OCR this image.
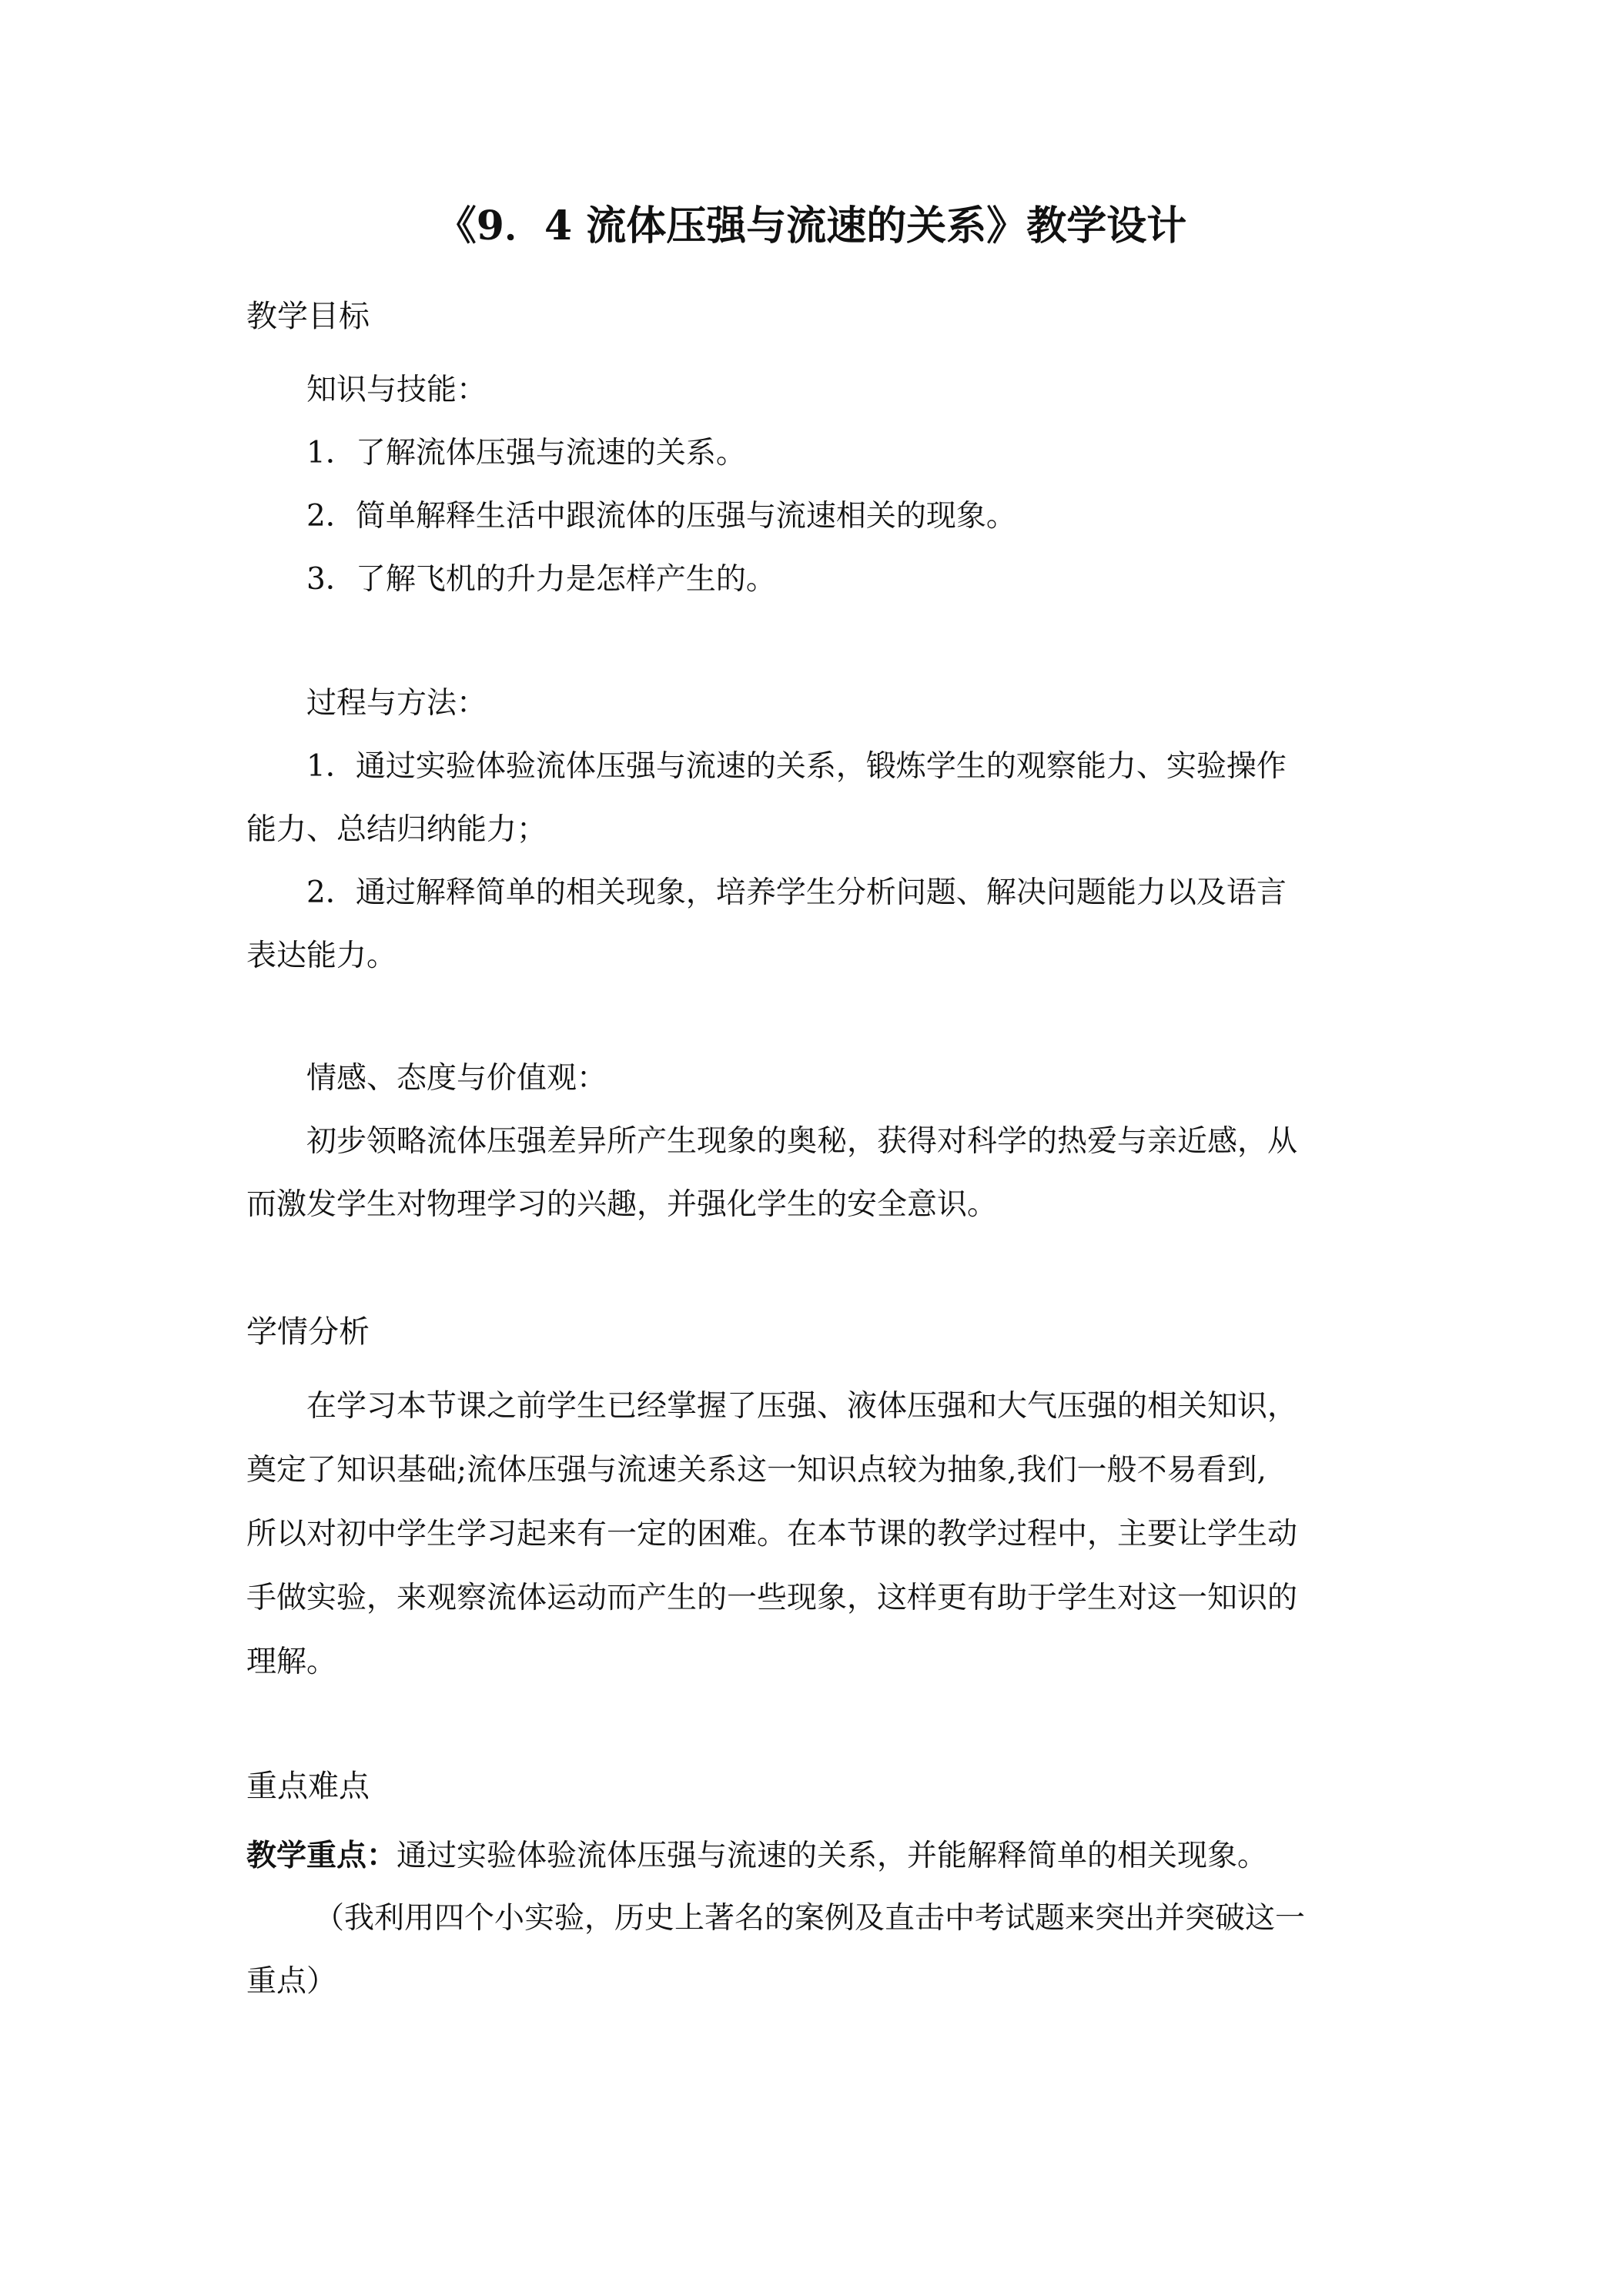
《9．4 流体压强与流速的关系》教学设计
教学目标
知识与技能：
1．了解流体压强与流速的关系。
2．简单解释生活中跟流体的压强与流速相关的现象。
3．了解飞机的升力是怎样产生的。
过程与方法：
1．通过实验体验流体压强与流速的关系，锻炼学生的观察能力、实验操作
能力、总结归纳能力；
2．通过解释简单的相关现象，培养学生分析问题、解决问题能力以及语言
表达能力。
情感、态度与价值观：
初步领略流体压强差异所产生现象的奥秘，获得对科学的热爱与亲近感，从
而激发学生对物理学习的兴趣，并强化学生的安全意识。
学情分析
在学习本节课之前学生已经掌握了压强、液体压强和大气压强的相关知识，
奠定了知识基础;流体压强与流速关系这一知识点较为抽象,我们一般不易看到,
所以对初中学生学习起来有一定的困难。在本节课的教学过程中，主要让学生动
手做实验，来观察流体运动而产生的一些现象，这样更有助于学生对这一知识的
理解。
重点难点
教学重点：通过实验体验流体压强与流速的关系，并能解释简单的相关现象。
（我利用四个小实验，历史上著名的案例及直击中考试题来突出并突破这一
重点）
